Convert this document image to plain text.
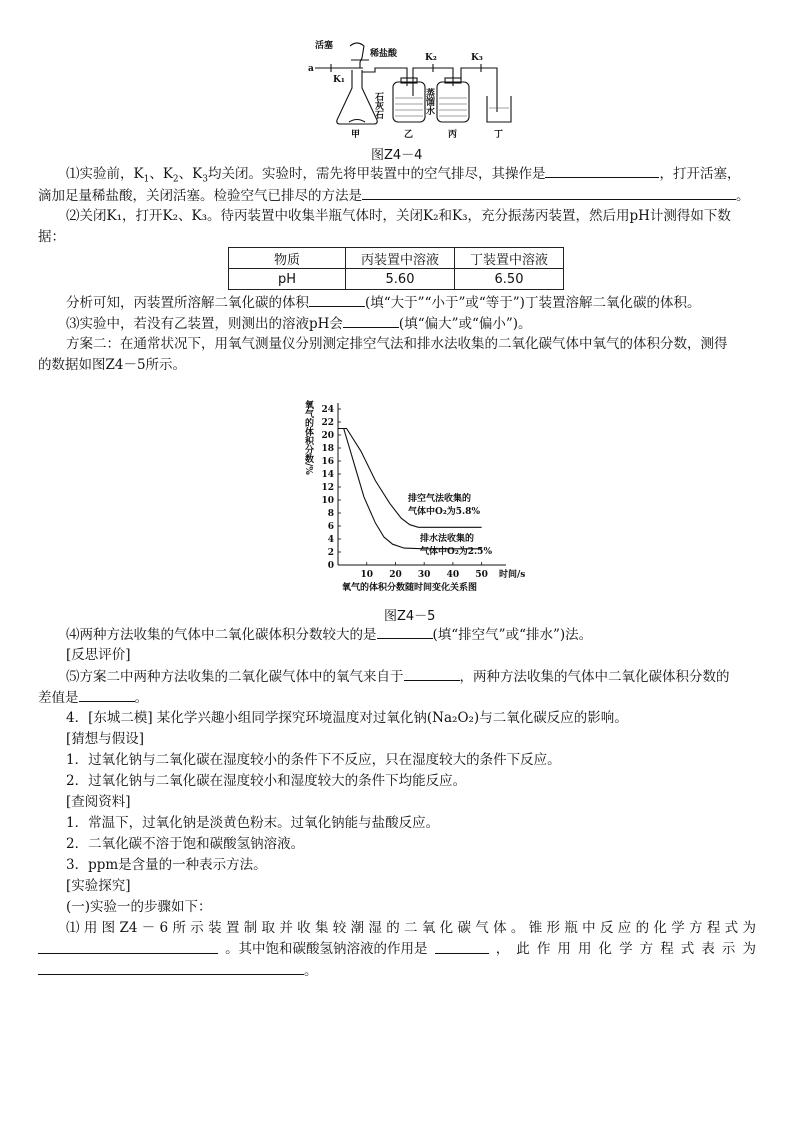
活塞
稀盐酸
a
K₁
K₂	K₃
石灰石	蒸馏水
甲	乙	丙	丁
图Z4－4
⑴实验前，$K_1$、$K_2$、$K_3$均关闭。实验时，需先将甲装置中的空气排尽，其操作是	，打开活塞，
滴加足量稀盐酸，关闭活塞。检验空气已排尽的方法是	。
⑵关闭K₁，打开K₂、K₃。待丙装置中收集半瓶气体时，关闭K₂和K₃，充分振荡丙装置，然后用pH计测得如下数
据：
物质	丙装置中溶液	丁装置中溶液
pH	5.60	6.50
分析可知，丙装置所溶解二氧化碳的体积	(填“大于”“小于”或“等于”)丁装置溶解二氧化碳的体积。
⑶实验中，若没有乙装置，则测出的溶液pH会	(填“偏大”或“偏小”)。
方案二：在通常状况下，用氧气测量仪分别测定排空气法和排水法收集的二氧化碳气体中氧气的体积分数，测得
的数据如图Z4－5所示。
0
2
4
6
8
10
12
14
16
18
20
22
24
10 20 30 40 50 时间/s
氧气的体积分数/%
排空气法收集的
气体中O₂为5.8%
排水法收集的
气体中O₂为2.5%
氧气的体积分数随时间变化关系图
图Z4－5
⑷两种方法收集的气体中二氧化碳体积分数较大的是	(填“排空气”或“排水”)法。
[反思评价]
⑸方案二中两种方法收集的二氧化碳气体中的氧气来自于	，两种方法收集的气体中二氧化碳体积分数的
差值是	。
4．[东城二模] 某化学兴趣小组同学探究环境温度对过氧化钠(Na₂O₂)与二氧化碳反应的影响。
[猜想与假设]
1．过氧化钠与二氧化碳在湿度较小的条件下不反应，只在湿度较大的条件下反应。
2．过氧化钠与二氧化碳在湿度较小和湿度较大的条件下均能反应。
[查阅资料]
1．常温下，过氧化钠是淡黄色粉末。过氧化钠能与盐酸反应。
2．二氧化碳不溶于饱和碳酸氢钠溶液。
3．ppm是含量的一种表示方法。
[实验探究]
(一)实验一的步骤如下：
⑴ 用 图 Z4 － 6 所 示 装 置 制 取 并 收 集 较 潮 湿 的 二 氧 化 碳 气 体 。 锥 形 瓶 中 反 应 的 化 学 方 程 式 为
。其中饱和碳酸氢钠溶液的作用是	， 此 作 用 用 化 学 方 程 式 表 示 为
。
